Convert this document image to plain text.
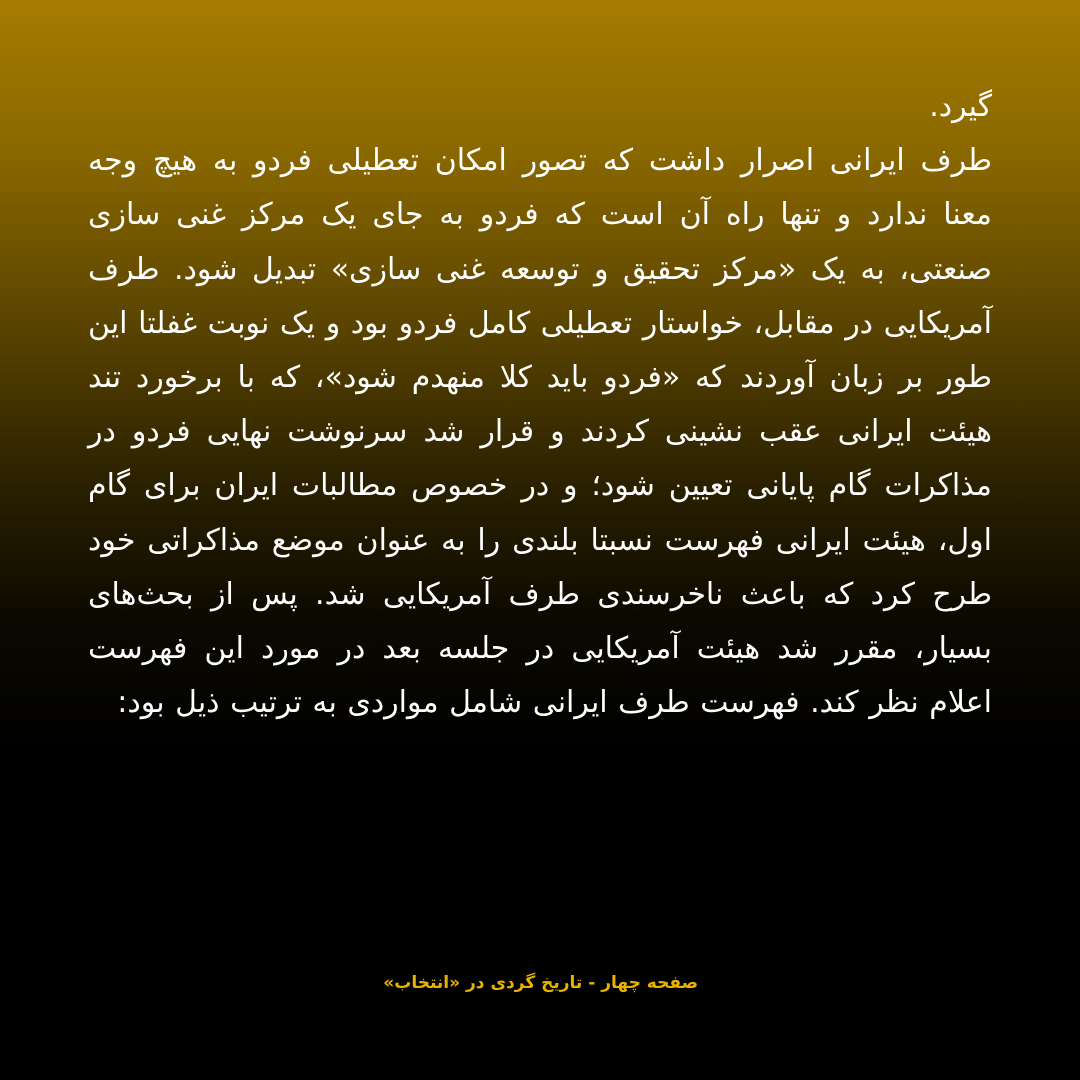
گیرد.

طرف ایرانی اصرار داشت که تصور امکان تعطیلی فردو به هیچ وجه معنا ندارد و تنها راه آن است که فردو به جای یک مرکز غنی سازی صنعتی، به یک «مرکز تحقیق و توسعه غنی سازی» تبدیل شود. طرف آمریکایی در مقابل، خواستار تعطیلی کامل فردو بود و یک نوبت غفلتا این طور بر زبان آوردند که «فردو باید کلا منهدم شود»، که با برخورد تند هیئت ایرانی عقب نشینی کردند و قرار شد سرنوشت نهایی فردو در مذاکرات گام پایانی تعیین شود؛ و در خصوص مطالبات ایران برای گام اول، هیئت ایرانی فهرست نسبتا بلندی را به عنوان موضع مذاکراتی خود طرح کرد که باعث ناخرسندی طرف آمریکایی شد. پس از بحث‌های بسیار، مقرر شد هیئت آمریکایی در جلسه بعد در مورد این فهرست اعلام نظر کند. فهرست طرف ایرانی شامل مواردی به ترتیب ذیل بود:

صفحه چهار - تاریخ گردی در «انتخاب»
